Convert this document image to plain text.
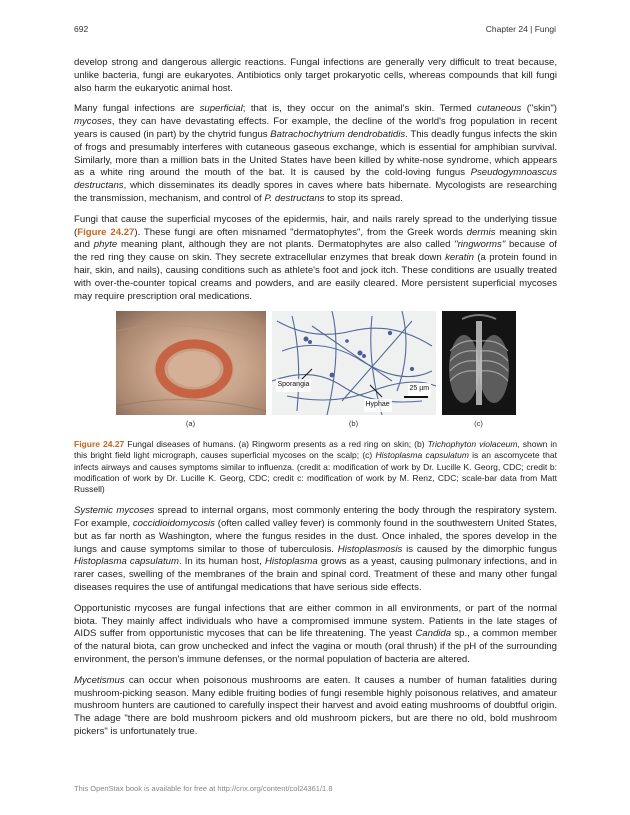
692	Chapter 24 | Fungi

develop strong and dangerous allergic reactions. Fungal infections are generally very difficult to treat because, unlike bacteria, fungi are eukaryotes. Antibiotics only target prokaryotic cells, whereas compounds that kill fungi also harm the eukaryotic animal host.

Many fungal infections are superficial; that is, they occur on the animal's skin. Termed cutaneous ("skin") mycoses, they can have devastating effects. For example, the decline of the world's frog population in recent years is caused (in part) by the chytrid fungus Batrachochytrium dendrobatidis. This deadly fungus infects the skin of frogs and presumably interferes with cutaneous gaseous exchange, which is essential for amphibian survival. Similarly, more than a million bats in the United States have been killed by white-nose syndrome, which appears as a white ring around the mouth of the bat. It is caused by the cold-loving fungus Pseudogymnoascus destructans, which disseminates its deadly spores in caves where bats hibernate. Mycologists are researching the transmission, mechanism, and control of P. destructans to stop its spread.

Fungi that cause the superficial mycoses of the epidermis, hair, and nails rarely spread to the underlying tissue (Figure 24.27). These fungi are often misnamed "dermatophytes", from the Greek words dermis meaning skin and phyte meaning plant, although they are not plants. Dermatophytes are also called "ringworms" because of the red ring they cause on skin. They secrete extracellular enzymes that break down keratin (a protein found in hair, skin, and nails), causing conditions such as athlete's foot and jock itch. These conditions are usually treated with over-the-counter topical creams and powders, and are easily cleared. More persistent superficial mycoses may require prescription oral medications.

Sporangia
Hyphae
25 µm
(a)	(b)	(c)
Figure 24.27 Fungal diseases of humans. (a) Ringworm presents as a red ring on skin; (b) Trichophyton violaceum, shown in this bright field light micrograph, causes superficial mycoses on the scalp; (c) Histoplasma capsulatum is an ascomycete that infects airways and causes symptoms similar to influenza. (credit a: modification of work by Dr. Lucille K. Georg, CDC; credit b: modification of work by Dr. Lucille K. Georg, CDC; credit c: modification of work by M. Renz, CDC; scale-bar data from Matt Russell)

Systemic mycoses spread to internal organs, most commonly entering the body through the respiratory system. For example, coccidioidomycosis (often called valley fever) is commonly found in the southwestern United States, but as far north as Washington, where the fungus resides in the dust. Once inhaled, the spores develop in the lungs and cause symptoms similar to those of tuberculosis. Histoplasmosis is caused by the dimorphic fungus Histoplasma capsulatum. In its human host, Histoplasma grows as a yeast, causing pulmonary infections, and in rarer cases, swelling of the membranes of the brain and spinal cord. Treatment of these and many other fungal diseases requires the use of antifungal medications that have serious side effects.

Opportunistic mycoses are fungal infections that are either common in all environments, or part of the normal biota. They mainly affect individuals who have a compromised immune system. Patients in the late stages of AIDS suffer from opportunistic mycoses that can be life threatening. The yeast Candida sp., a common member of the natural biota, can grow unchecked and infect the vagina or mouth (oral thrush) if the pH of the surrounding environment, the person's immune defenses, or the normal population of bacteria are altered.

Mycetismus can occur when poisonous mushrooms are eaten. It causes a number of human fatalities during mushroom-picking season. Many edible fruiting bodies of fungi resemble highly poisonous relatives, and amateur mushroom hunters are cautioned to carefully inspect their harvest and avoid eating mushrooms of doubtful origin. The adage "there are bold mushroom pickers and old mushroom pickers, but are there no old, bold mushroom pickers" is unfortunately true.

This OpenStax book is available for free at http://cnx.org/content/col24361/1.8
